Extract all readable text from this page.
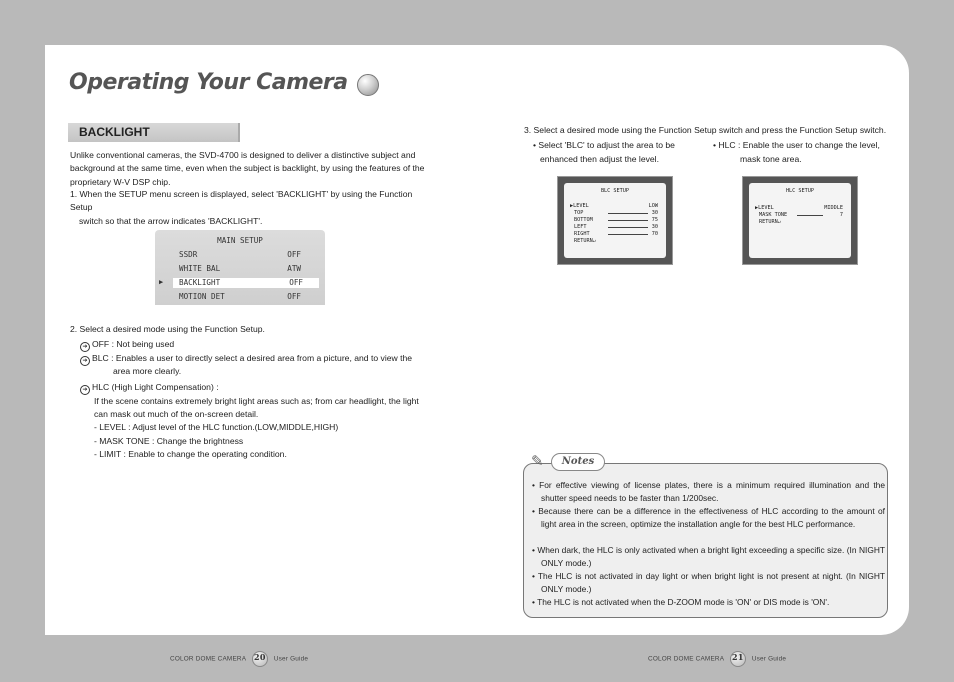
Operating Your Camera
BACKLIGHT
Unlike conventional cameras, the SVD-4700 is designed to deliver a distinctive subject and
background at the same time, even when the subject is backlight, by using the features of the
proprietary W-V DSP chip.
1. When the SETUP menu screen is displayed, select 'BACKLIGHT' by using the Function Setup
switch so that the arrow indicates 'BACKLIGHT'.
MAIN SETUP
SSDR	OFF
WHITE BAL	ATW
▶ BACKLIGHT	OFF
MOTION DET	OFF
2. Select a desired mode using the Function Setup.
➔ OFF : Not being used
➔ BLC : Enables a user to directly select a desired area from a picture, and to view the
area more clearly.
➔ HLC (High Light Compensation) :
If the scene contains extremely bright light areas such as; from car headlight, the light
can mask out much of the on-screen detail.
- LEVEL : Adjust level of the HLC function.(LOW,MIDDLE,HIGH)
- MASK TONE : Change the brightness
- LIMIT : Enable to change the operating condition.
3. Select a desired mode using the Function Setup switch and press the Function Setup switch.
• Select 'BLC' to adjust the area to be
enhanced then adjust the level.
• HLC : Enable the user to change the level,
mask tone area.
BLC SETUP
▶LEVEL	LOW
TOP	30
BOTTOM	75
LEFT	30
RIGHT	70
RETURN↵
HLC SETUP
▶LEVEL	MIDDLE
MASK TONE	7
RETURN↵
✎	Notes
• For effective viewing of license plates, there is a minimum required illumination and the shutter speed needs to be faster than 1/200sec.
• Because there can be a difference in the effectiveness of HLC according to the amount of light area in the screen, optimize the installation angle for the best HLC performance.
• When dark, the HLC is only activated when a bright light exceeding a specific size. (In NIGHT ONLY mode.)
• The HLC is not activated in day light or when bright light is not present at night. (In NIGHT ONLY mode.)
• The HLC is not activated when the D-ZOOM mode is 'ON' or DIS mode is 'ON'.
COLOR DOME CAMERA 20 User Guide	COLOR DOME CAMERA 21 User Guide
